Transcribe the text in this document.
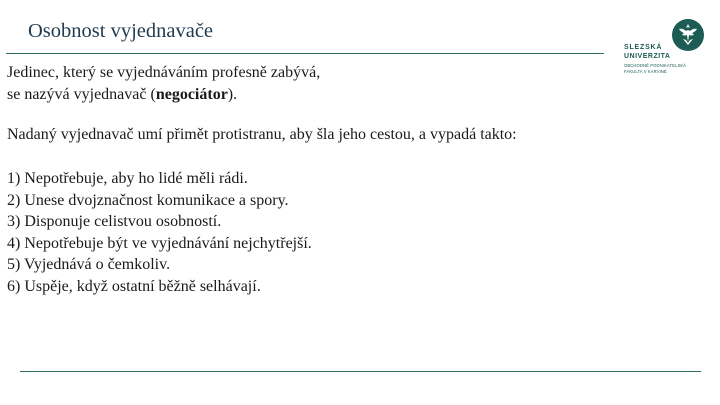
Osobnost vyjednavače
SLEZSKÁ
UNIVERZITA
OBCHODNĚ PODNIKATELSKÁ
FAKULTA V KARVINÉ
Jedinec, který se vyjednáváním profesně zabývá,
se nazývá vyjednavač (negociátor).
Nadaný vyjednavač umí přimět protistranu, aby šla jeho cestou, a vypadá takto:
1) Nepotřebuje, aby ho lidé měli rádi.
2) Unese dvojznačnost komunikace a spory.
3) Disponuje celistvou osobností.
4) Nepotřebuje být ve vyjednávání nejchytřejší.
5) Vyjednává o čemkoliv.
6) Uspěje, když ostatní běžně selhávají.
